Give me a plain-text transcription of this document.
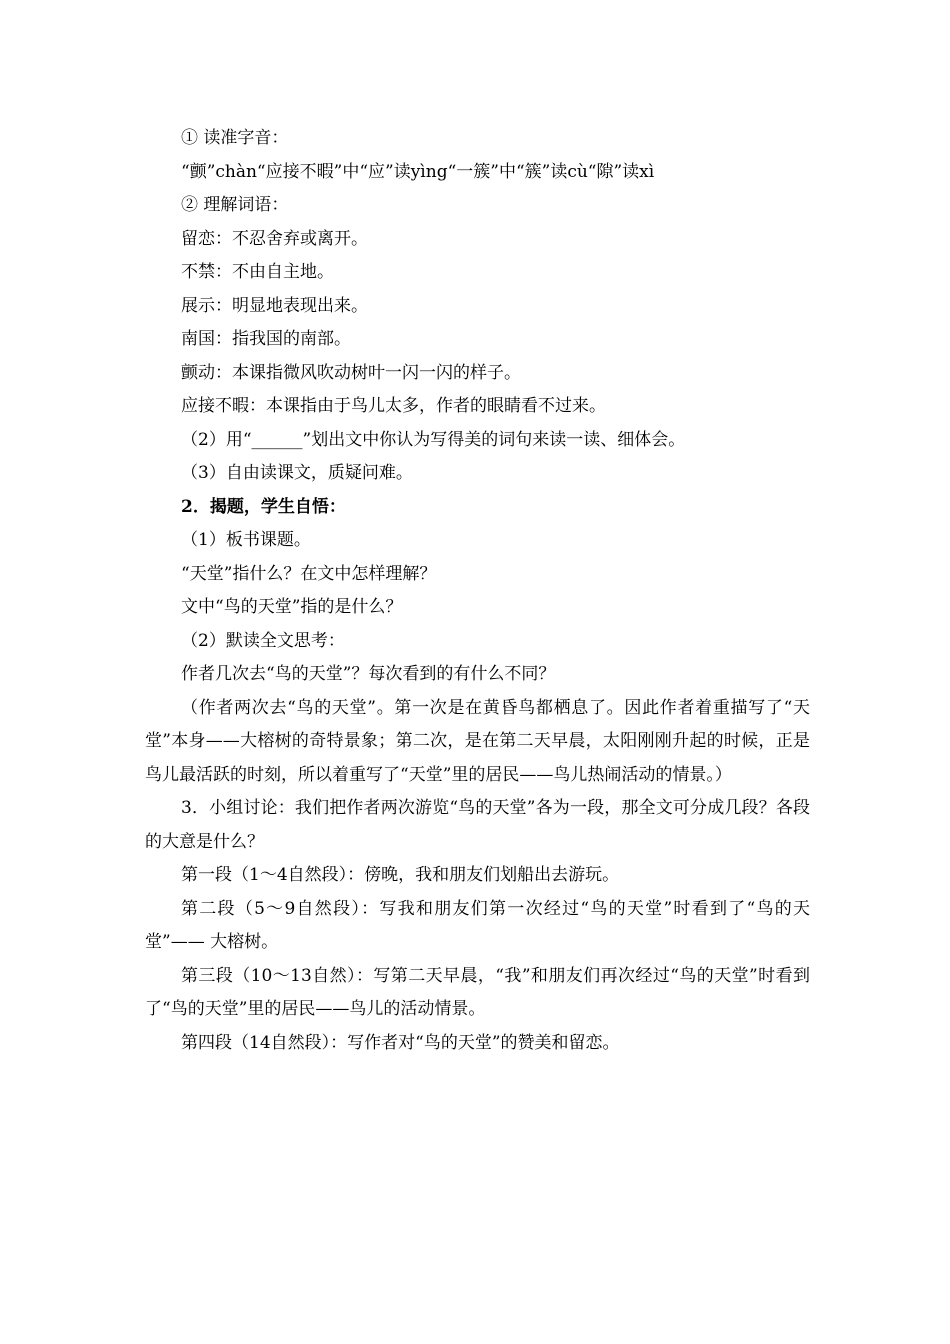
① 读准字音：

“颤”chàn“应接不暇”中“应”读yìng“一簇”中“簇”读cù“隙”读xì

② 理解词语：

留恋：不忍舍弃或离开。

不禁：不由自主地。

展示：明显地表现出来。

南国：指我国的南部。

颤动：本课指微风吹动树叶一闪一闪的样子。

应接不暇：本课指由于鸟儿太多，作者的眼睛看不过来。

（2）用“______”划出文中你认为写得美的词句来读一读、细体会。

（3）自由读课文，质疑问难。

2．揭题，学生自悟：

（1）板书课题。

“天堂”指什么？在文中怎样理解？

文中“鸟的天堂”指的是什么？

（2）默读全文思考：

作者几次去“鸟的天堂”？每次看到的有什么不同？

（作者两次去“鸟的天堂”。第一次是在黄昏鸟都栖息了。因此作者着重描写了“天堂”本身——大榕树的奇特景象；第二次，是在第二天早晨，太阳刚刚升起的时候，正是鸟儿最活跃的时刻，所以着重写了“天堂”里的居民——鸟儿热闹活动的情景。）

3．小组讨论：我们把作者两次游览“鸟的天堂”各为一段，那全文可分成几段？各段的大意是什么？

第一段（1～4自然段）：傍晚，我和朋友们划船出去游玩。

第二段（5～9自然段）：写我和朋友们第一次经过“鸟的天堂”时看到了“鸟的天堂”—— 大榕树。

第三段（10～13自然）：写第二天早晨，“我”和朋友们再次经过“鸟的天堂”时看到了“鸟的天堂”里的居民——鸟儿的活动情景。

第四段（14自然段）：写作者对“鸟的天堂”的赞美和留恋。
